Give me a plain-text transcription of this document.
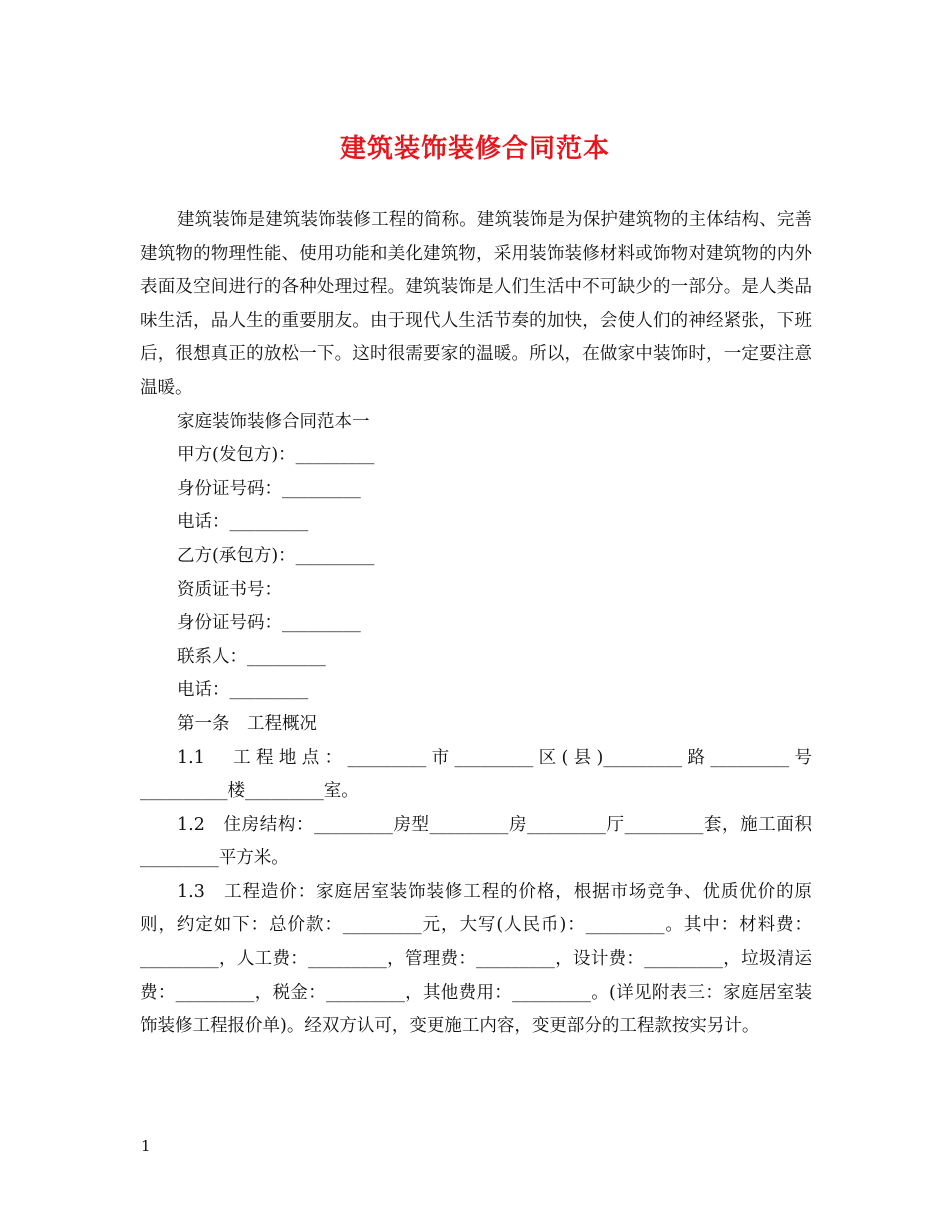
建筑装饰装修合同范本

建筑装饰是建筑装饰装修工程的简称。建筑装饰是为保护建筑物的主体结构、完善建筑物的物理性能、使用功能和美化建筑物，采用装饰装修材料或饰物对建筑物的内外表面及空间进行的各种处理过程。建筑装饰是人们生活中不可缺少的一部分。是人类品味生活，品人生的重要朋友。由于现代人生活节奏的加快，会使人们的神经紧张，下班后，很想真正的放松一下。这时很需要家的温暖。所以，在做家中装饰时，一定要注意温暖。

家庭装饰装修合同范本一

甲方(发包方)：_________

身份证号码：_________

电话：_________

乙方(承包方)：_________

资质证书号：

身份证号码：_________

联系人：_________

电话：_________

第一条　工程概况

1.1　工程地点：_________市_________区(县)_________路_________号__________楼_________室。

1.2　住房结构：_________房型_________房_________厅_________套，施工面积_________平方米。

1.3　工程造价：家庭居室装饰装修工程的价格，根据市场竞争、优质优价的原则，约定如下：总价款：_________元，大写(人民币)：_________。其中：材料费：_________，人工费：_________，管理费：_________，设计费：_________，垃圾清运费：_________，税金：_________，其他费用：_________。(详见附表三：家庭居室装饰装修工程报价单)。经双方认可，变更施工内容，变更部分的工程款按实另计。

1
